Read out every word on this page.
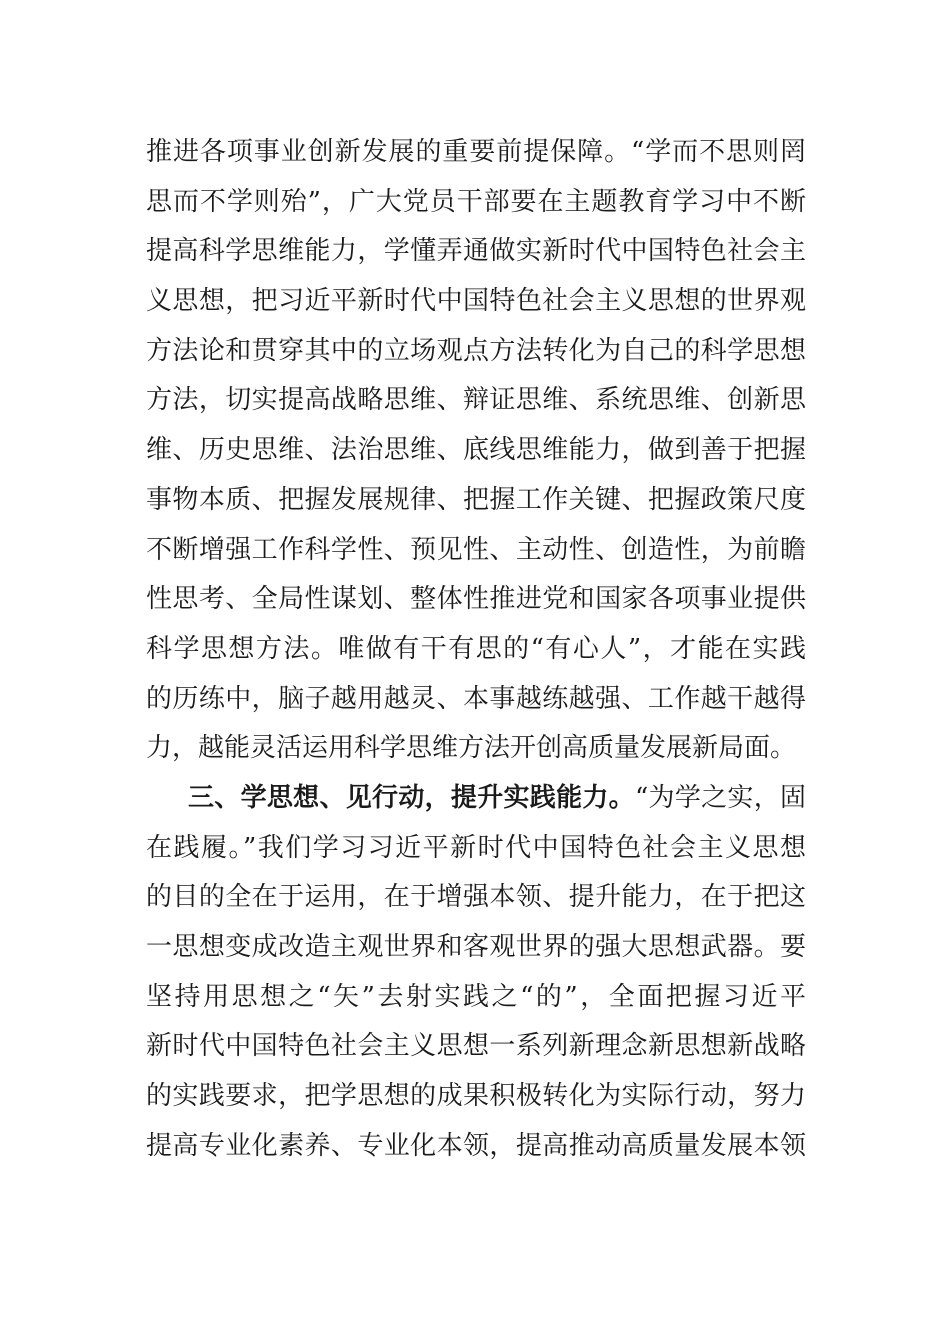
推进各项事业创新发展的重要前提保障。“学而不思则罔
思而不学则殆”，广大党员干部要在主题教育学习中不断
提高科学思维能力，学懂弄通做实新时代中国特色社会主
义思想，把习近平新时代中国特色社会主义思想的世界观
方法论和贯穿其中的立场观点方法转化为自己的科学思想
方法，切实提高战略思维、辩证思维、系统思维、创新思
维、历史思维、法治思维、底线思维能力，做到善于把握
事物本质、把握发展规律、把握工作关键、把握政策尺度
不断增强工作科学性、预见性、主动性、创造性，为前瞻
性思考、全局性谋划、整体性推进党和国家各项事业提供
科学思想方法。唯做有干有思的“有心人”，才能在实践
的历练中，脑子越用越灵、本事越练越强、工作越干越得
力，越能灵活运用科学思维方法开创高质量发展新局面。
三、学思想、见行动，提升实践能力。“为学之实，固
在践履。”我们学习习近平新时代中国特色社会主义思想
的目的全在于运用，在于增强本领、提升能力，在于把这
一思想变成改造主观世界和客观世界的强大思想武器。要
坚持用思想之“矢”去射实践之“的”，全面把握习近平
新时代中国特色社会主义思想一系列新理念新思想新战略
的实践要求，把学思想的成果积极转化为实际行动，努力
提高专业化素养、专业化本领，提高推动高质量发展本领
